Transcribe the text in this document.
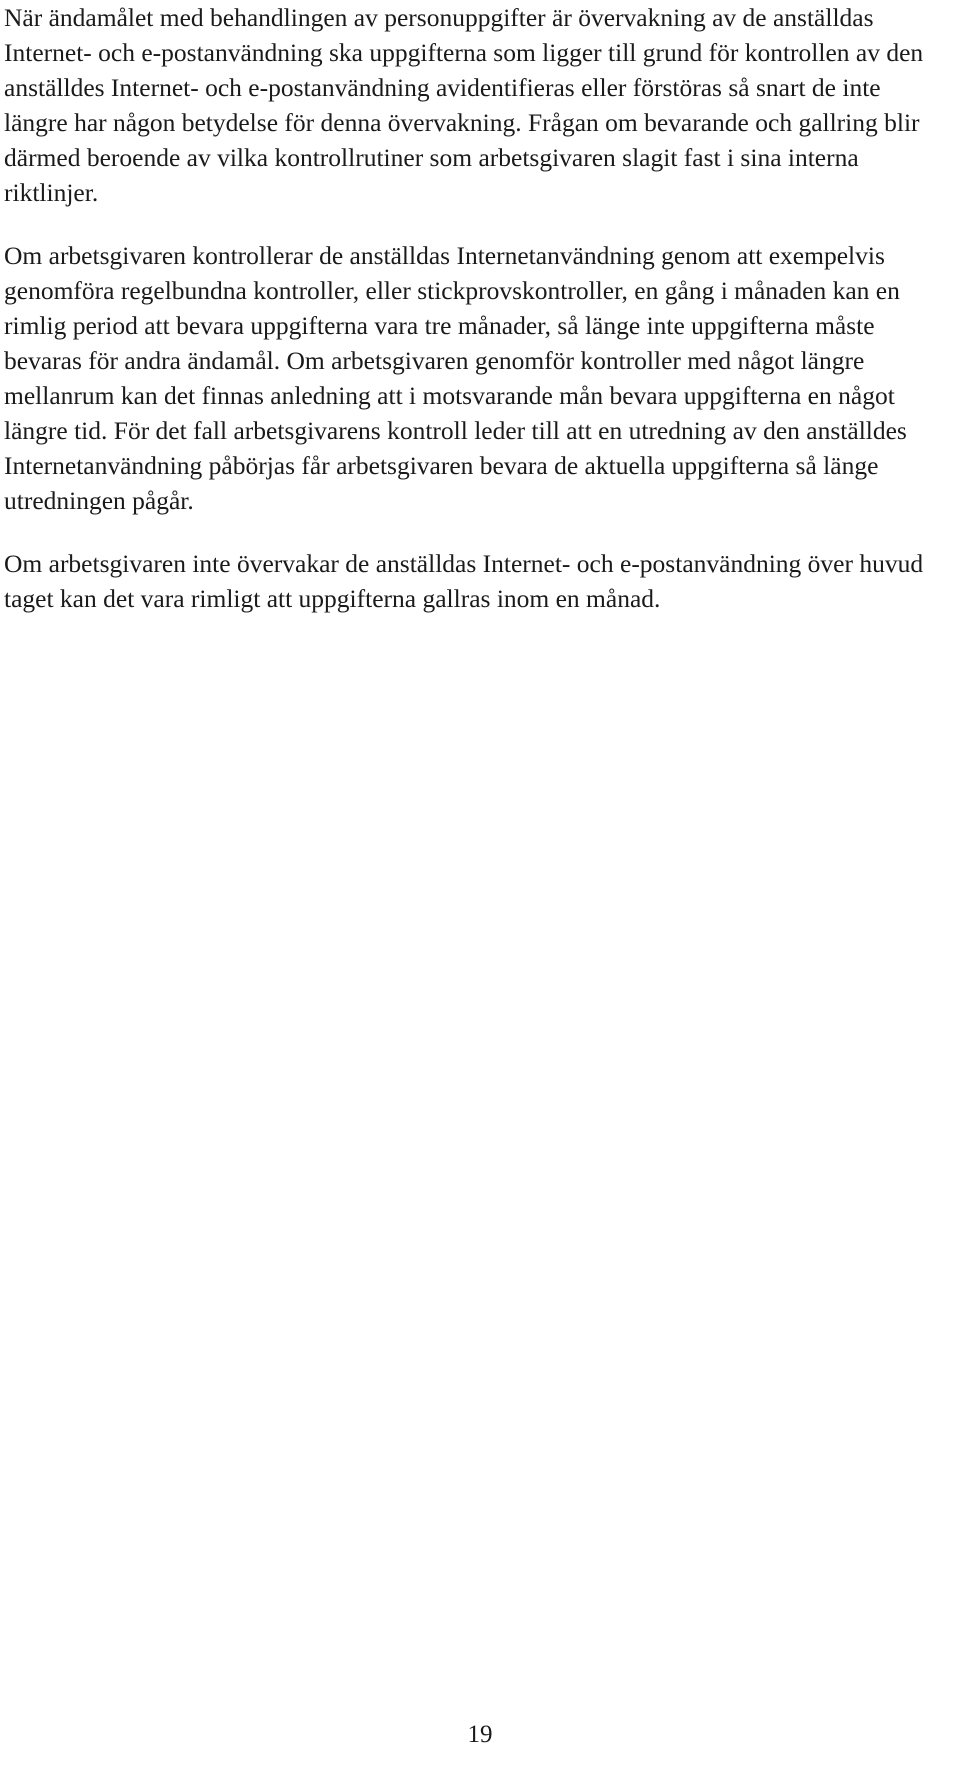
När ändamålet med behandlingen av personuppgifter är övervakning av de anställdas Internet- och e-postanvändning ska uppgifterna som ligger till grund för kontrollen av den anställdes Internet- och e-postanvändning avidentifieras eller förstöras så snart de inte längre har någon betydelse för denna övervakning. Frågan om bevarande och gallring blir därmed beroende av vilka kontrollrutiner som arbetsgivaren slagit fast i sina interna riktlinjer.

Om arbetsgivaren kontrollerar de anställdas Internetanvändning genom att exempelvis genomföra regelbundna kontroller, eller stickprovskontroller, en gång i månaden kan en rimlig period att bevara uppgifterna vara tre månader, så länge inte uppgifterna måste bevaras för andra ändamål. Om arbetsgivaren genomför kontroller med något längre mellanrum kan det finnas anledning att i motsvarande mån bevara uppgifterna en något längre tid. För det fall arbetsgivarens kontroll leder till att en utredning av den anställdes Internetanvändning påbörjas får arbetsgivaren bevara de aktuella uppgifterna så länge utredningen pågår.

Om arbetsgivaren inte övervakar de anställdas Internet- och e-postanvändning över huvud taget kan det vara rimligt att uppgifterna gallras inom en månad.

19
